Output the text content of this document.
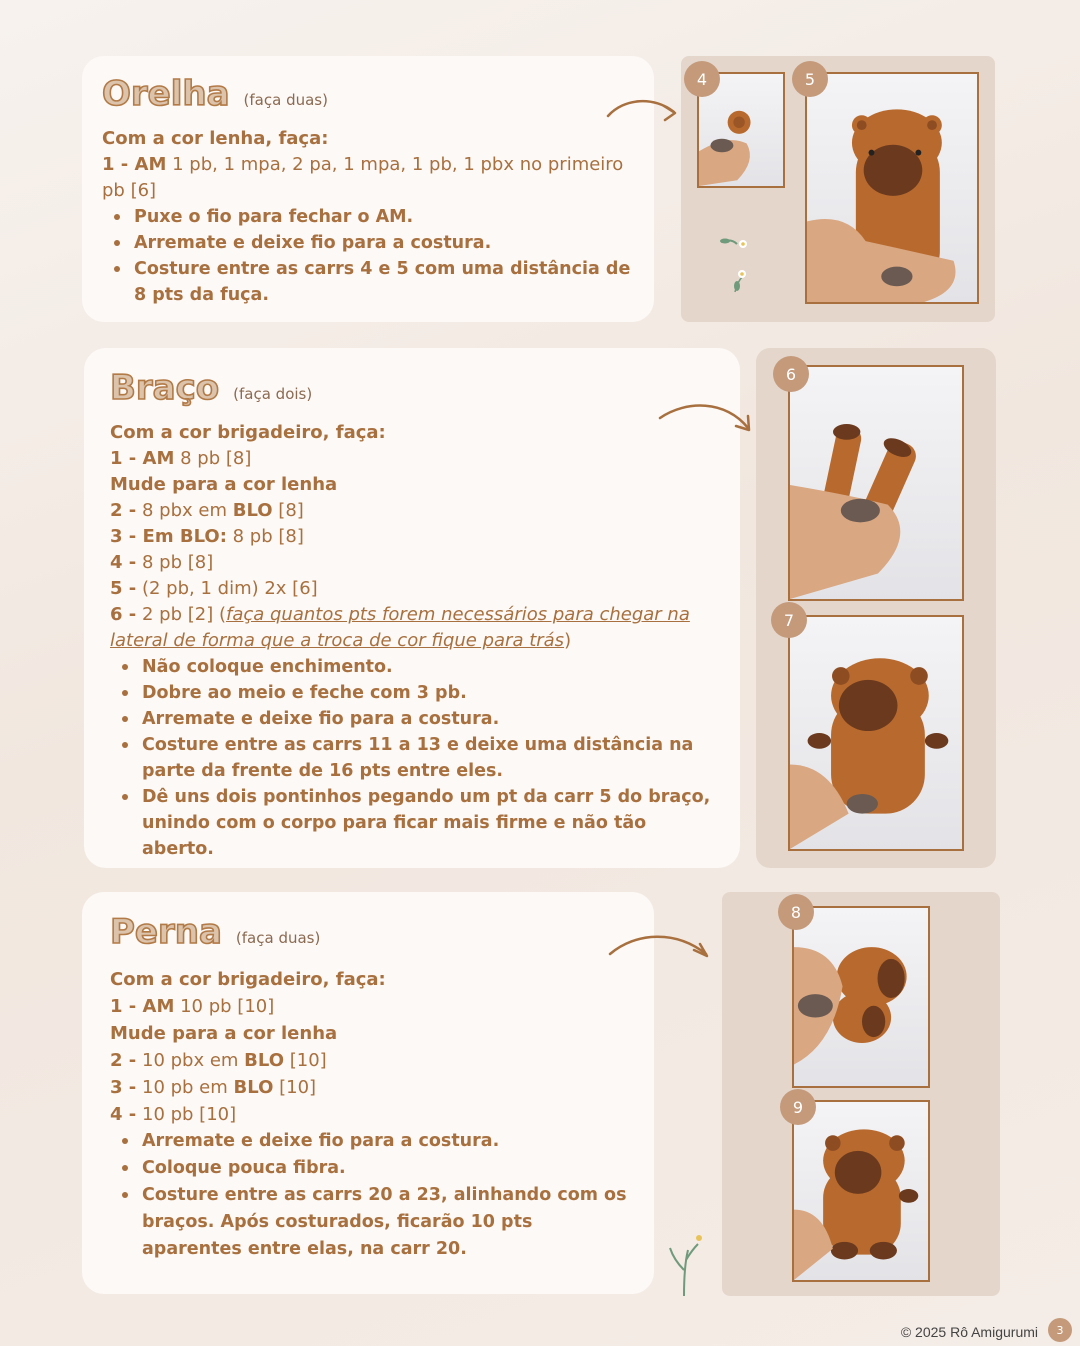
Orelha (faça duas)
Com a cor lenha, faça:
1 - AM 1 pb, 1 mpa, 2 pa, 1 mpa, 1 pb, 1 pbx no primeiro pb [6]
Puxe o fio para fechar o AM.
Arremate e deixe fio para a costura.
Costure entre as carrs 4 e 5 com uma distância de 8 pts da fuça.
4	5
Braço (faça dois)
Com a cor brigadeiro, faça:
1 - AM 8 pb [8]
Mude para a cor lenha
2 - 8 pbx em BLO [8]
3 - Em BLO: 8 pb [8]
4 - 8 pb [8]
5 - (2 pb, 1 dim) 2x [6]
6 - 2 pb [2] (faça quantos pts forem necessários para chegar na lateral de forma que a troca de cor fique para trás)
Não coloque enchimento.
Dobre ao meio e feche com 3 pb.
Arremate e deixe fio para a costura.
Costure entre as carrs 11 a 13 e deixe uma distância na parte da frente de 16 pts entre eles.
Dê uns dois pontinhos pegando um pt da carr 5 do braço, unindo com o corpo para ficar mais firme e não tão aberto.
6
7
Perna (faça duas)
Com a cor brigadeiro, faça:
1 - AM 10 pb [10]
Mude para a cor lenha
2 - 10 pbx em BLO [10]
3 - 10 pb em BLO [10]
4 - 10 pb [10]
Arremate e deixe fio para a costura.
Coloque pouca fibra.
Costure entre as carrs 20 a 23, alinhando com os braços. Após costurados, ficarão 10 pts aparentes entre elas, na carr 20.
8
9
© 2025 Rô Amigurumi	3
